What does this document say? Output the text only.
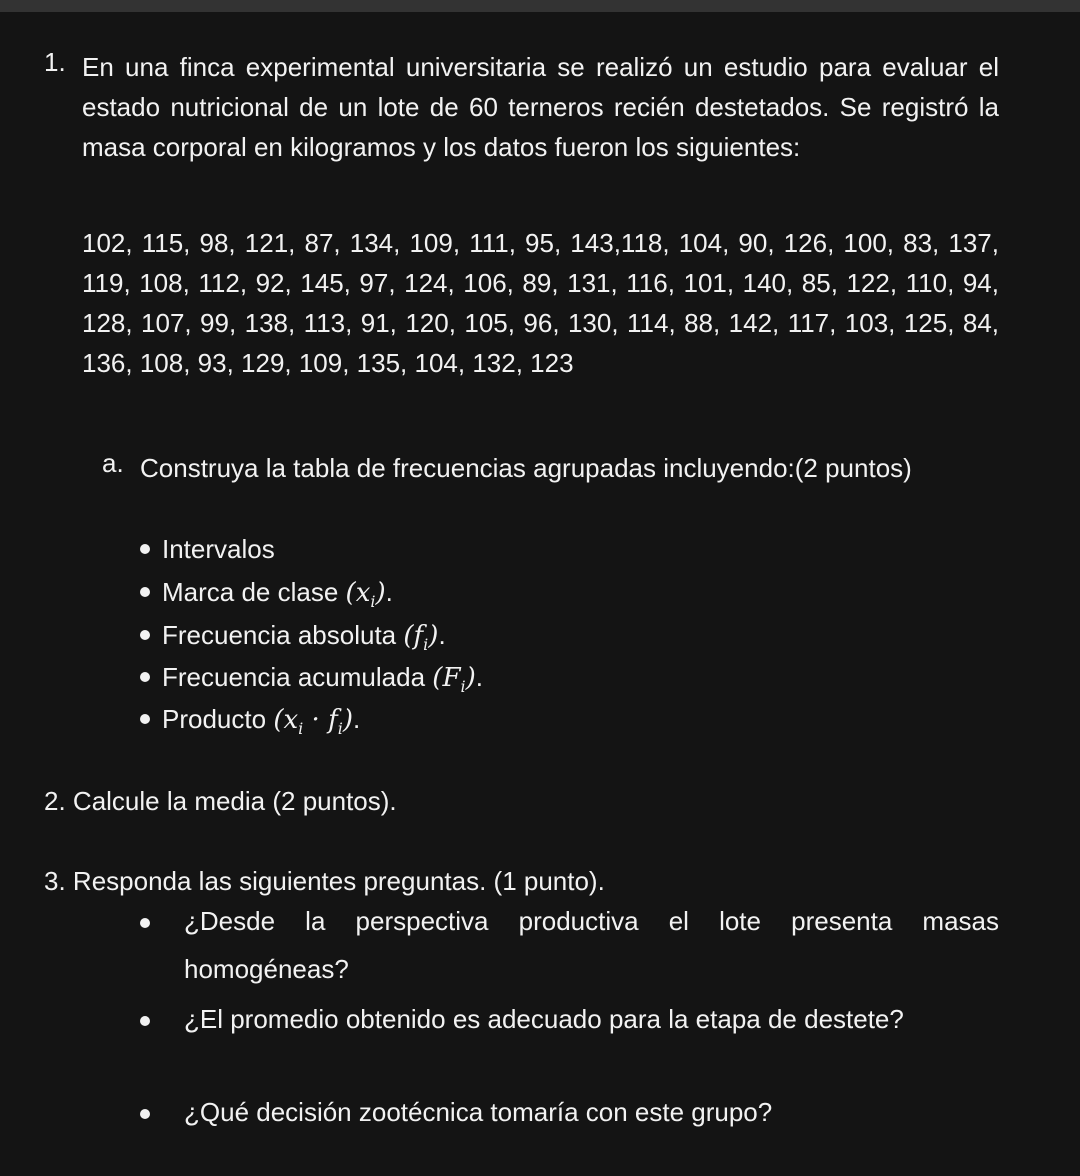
1. En una finca experimental universitaria se realizó un estudio para evaluar el estado nutricional de un lote de 60 terneros recién destetados. Se registró la masa corporal en kilogramos y los datos fueron los siguientes:
102, 115, 98, 121, 87, 134, 109, 111, 95, 143,118, 104, 90, 126, 100, 83, 137, 119, 108, 112, 92, 145, 97, 124, 106, 89, 131, 116, 101, 140, 85, 122, 110, 94, 128, 107, 99, 138, 113, 91, 120, 105, 96, 130, 114, 88, 142, 117, 103, 125, 84, 136, 108, 93, 129, 109, 135, 104, 132, 123
a. Construya la tabla de frecuencias agrupadas incluyendo:(2 puntos)
Intervalos
Marca de clase $(x_i)$.
Frecuencia absoluta $(f_i)$.
Frecuencia acumulada $(F_i)$.
Producto $(x_i \cdot f_i)$.
2. Calcule la media (2 puntos).
3. Responda las siguientes preguntas. (1 punto).
¿Desde la perspectiva productiva el lote presenta masas homogéneas?
¿El promedio obtenido es adecuado para la etapa de destete?
¿Qué decisión zootécnica tomaría con este grupo?
